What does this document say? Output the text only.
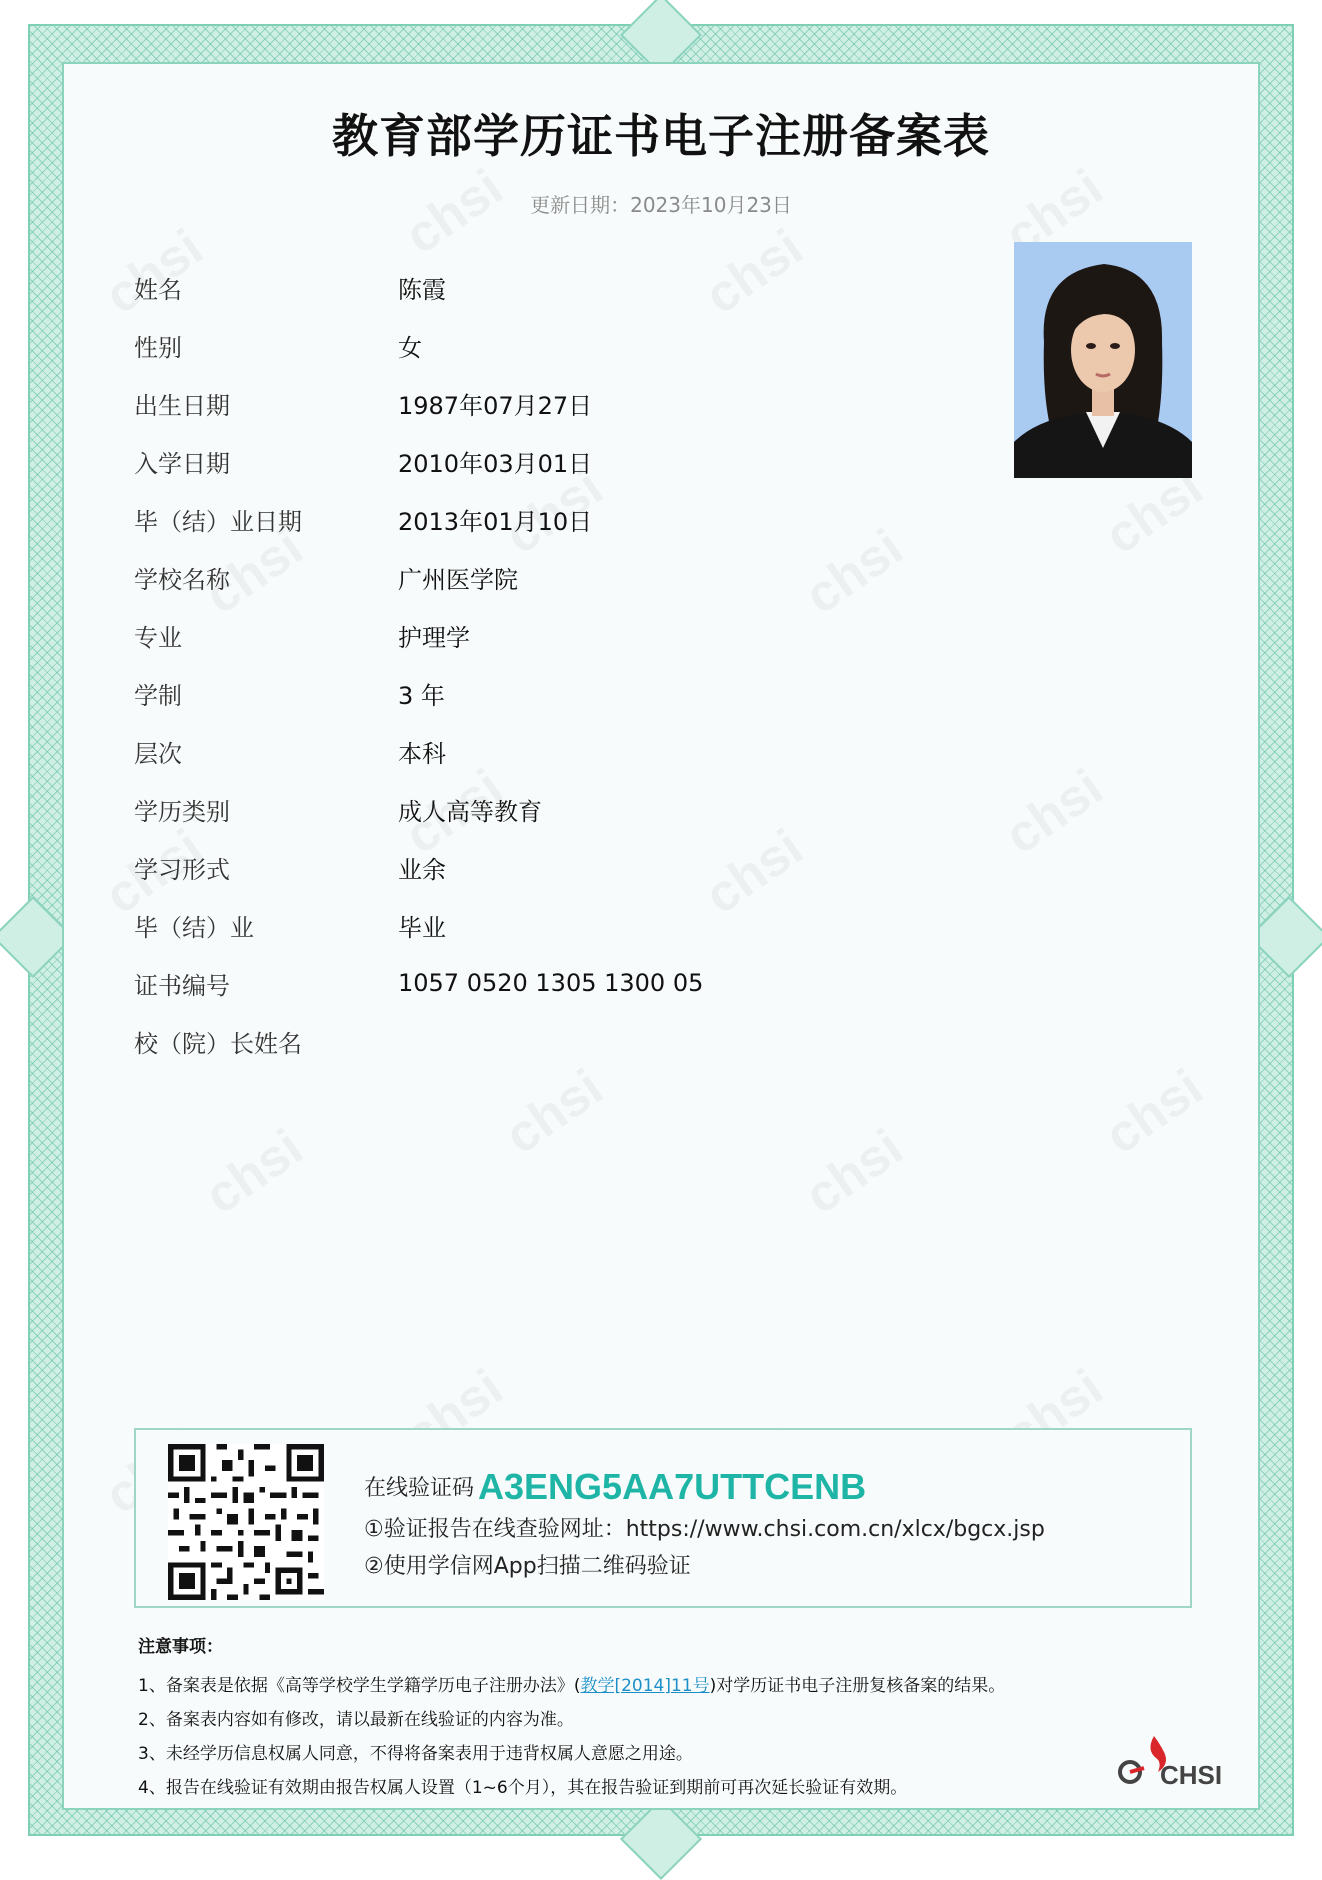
教育部学历证书电子注册备案表
更新日期：2023年10月23日
姓名	陈霞
性别	女
出生日期	1987年07月27日
入学日期	2010年03月01日
毕（结）业日期	2013年01月10日
学校名称	广州医学院
专业	护理学
学制	3 年
层次	本科
学历类别	成人高等教育
学习形式	业余
毕（结）业	毕业
证书编号	1057 0520 1305 1300 05
校（院）长姓名
在线验证码 A3ENG5AA7UTTCENB
①验证报告在线查验网址：https://www.chsi.com.cn/xlcx/bgcx.jsp
②使用学信网App扫描二维码验证
注意事项：
1、备案表是依据《高等学校学生学籍学历电子注册办法》(教学[2014]11号)对学历证书电子注册复核备案的结果。
2、备案表内容如有修改，请以最新在线验证的内容为准。
3、未经学历信息权属人同意，不得将备案表用于违背权属人意愿之用途。
4、报告在线验证有效期由报告权属人设置（1~6个月），其在报告验证到期前可再次延长验证有效期。	CHSI
